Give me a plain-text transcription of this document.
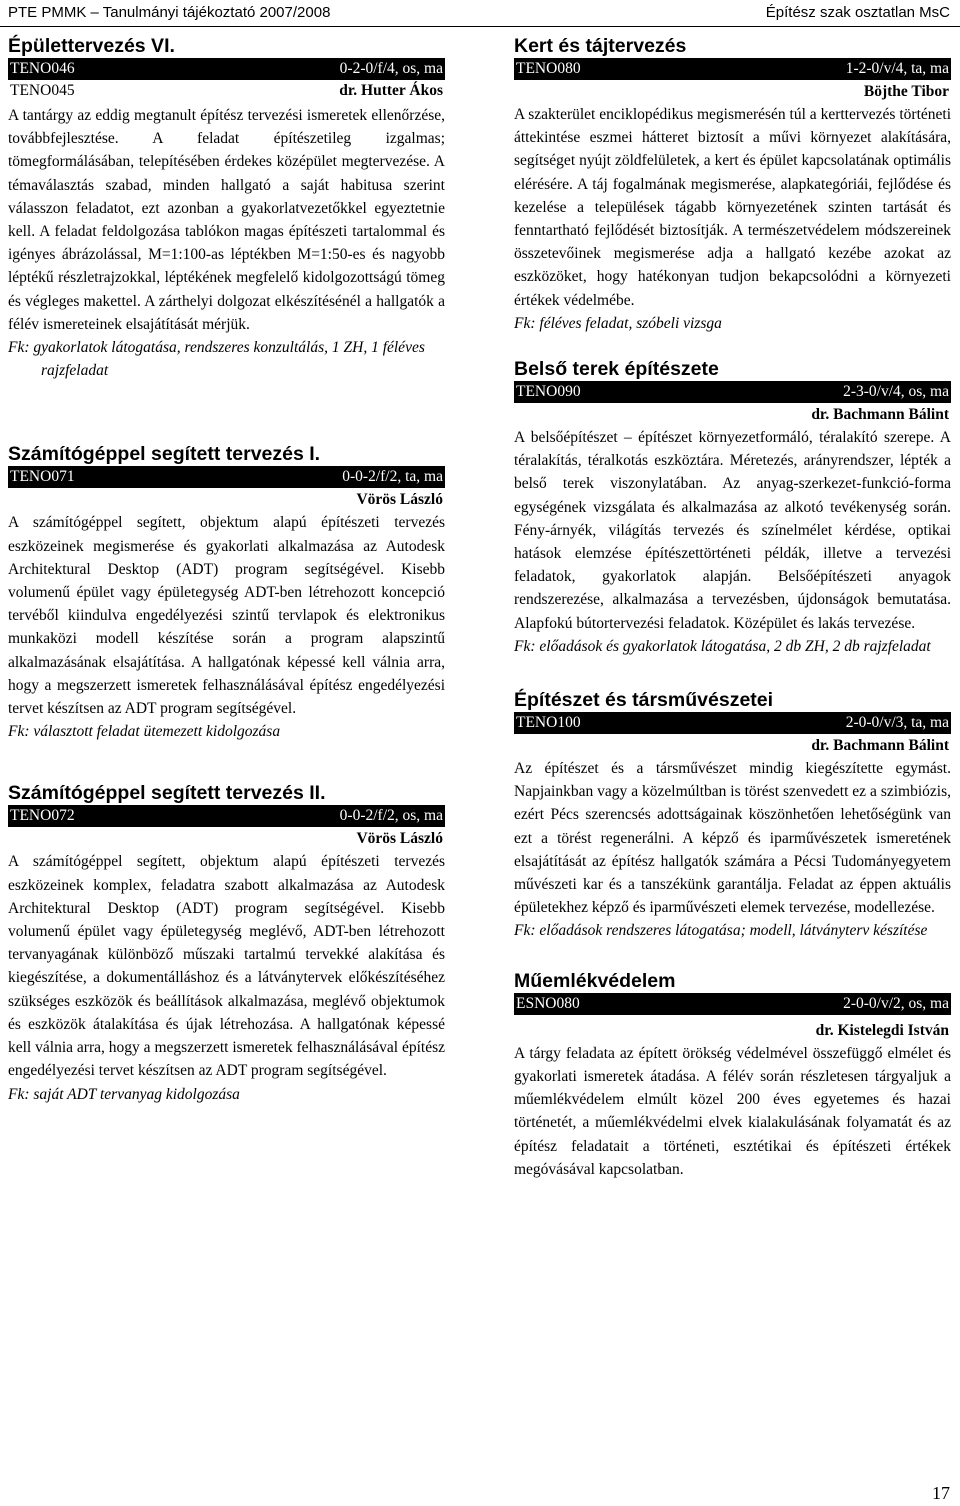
PTE PMMK – Tanulmányi tájékoztató 2007/2008	Építész szak osztatlan MsC
Épülettervezés VI.
TENO046	0-2-0/f/4, os, ma
TENO045	dr. Hutter Ákos

A tantárgy az eddig megtanult építész tervezési ismeretek ellenőrzése, továbbfejlesztése. A feladat építészetileg izgalmas; tömegformálásában, telepítésében érdekes középület megtervezése. A témaválasztás szabad, minden hallgató a saját habitusa szerint válasszon feladatot, ezt azonban a gyakorlatvezetőkkel egyeztetnie kell. A feladat feldolgozása tablókon magas építészeti tartalommal és igényes ábrázolással, M=1:100-as léptékben M=1:50-es és nagyobb léptékű részletrajzokkal, léptékének megfelelő kidolgozottságú tömeg és végleges makettel. A zárthelyi dolgozat elkészítésénél a hallgatók a félév ismereteinek elsajátítását mérjük.

Fk: gyakorlatok látogatása, rendszeres konzultálás, 1 ZH, 1 féléves rajzfeladat

Számítógéppel segített tervezés I.
TENO071	0-0-2/f/2, ta, ma
Vörös László

A számítógéppel segített, objektum alapú építészeti tervezés eszközeinek megismerése és gyakorlati alkalmazása az Autodesk Architektural Desktop (ADT) program segítségével. Kisebb volumenű épület vagy épületegység ADT-ben létrehozott koncepció tervéből kiindulva engedélyezési szintű tervlapok és elektronikus munkaközi modell készítése során a program alapszintű alkalmazásának elsajátítása. A hallgatónak képessé kell válnia arra, hogy a megszerzett ismeretek felhasználásával építész engedélyezési tervet készítsen az ADT program segítségével.

Fk: választott feladat ütemezett kidolgozása

Számítógéppel segített tervezés II.
TENO072	0-0-2/f/2, os, ma
Vörös László

A számítógéppel segített, objektum alapú építészeti tervezés eszközeinek komplex, feladatra szabott alkalmazása az Autodesk Architektural Desktop (ADT) program segítségével. Kisebb volumenű épület vagy épületegység meglévő, ADT-ben létrehozott tervanyagának különböző műszaki tartalmú tervekké alakítása és kiegészítése, a dokumentálláshoz és a látványtervek előkészítéséhez szükséges eszközök és beállítások alkalmazása, meglévő objektumok és eszközök átalakítása és újak létrehozása. A hallgatónak képessé kell válnia arra, hogy a megszerzett ismeretek felhasználásával építész engedélyezési tervet készítsen az ADT program segítségével.

Fk: saját ADT tervanyag kidolgozása

Kert és tájtervezés
TENO080	1-2-0/v/4, ta, ma
Böjthe Tibor

A szakterület enciklopédikus megismerésén túl a kerttervezés történeti áttekintése eszmei hátteret biztosít a művi környezet alakítására, segítséget nyújt zöldfelületek, a kert és épület kapcsolatának optimális elérésére. A táj fogalmának megismerése, alapkategóriái, fejlődése és kezelése a települések tágabb környezetének szinten tartását és fenntartható fejlődését biztosítják. A természetvédelem módszereinek összetevőinek megismerése adja a hallgató kezébe azokat az eszközöket, hogy hatékonyan tudjon bekapcsolódni a környezeti értékek védelmébe.

Fk: féléves feladat, szóbeli vizsga

Belső terek építészete
TENO090	2-3-0/v/4, os, ma
dr. Bachmann Bálint

A belsőépítészet – építészet környezetformáló, téralakító szerepe. A téralakítás, téralkotás eszköztára. Méretezés, arányrendszer, lépték a belső terek viszonylatában. Az anyag-szerkezet-funkció-forma egységének vizsgálata és alkalmazása az alkotó tevékenység során. Fény-árnyék, világítás tervezés és színelmélet kérdése, optikai hatások elemzése építészettörténeti példák, illetve a tervezési feladatok, gyakorlatok alapján. Belsőépítészeti anyagok rendszerezése, alkalmazása a tervezésben, újdonságok bemutatása. Alapfokú bútortervezési feladatok. Középület és lakás tervezése.

Fk: előadások és gyakorlatok látogatása, 2 db ZH, 2 db rajzfeladat

Építészet és társművészetei
TENO100	2-0-0/v/3, ta, ma
dr. Bachmann Bálint

Az építészet és a társművészet mindig kiegészítette egymást. Napjainkban vagy a közelmúltban is törést szenvedett ez a szimbiózis, ezért Pécs szerencsés adottságainak köszönhetően lehetőségünk van ezt a törést regenerálni. A képző és iparművészetek ismeretének elsajátítását az építész hallgatók számára a Pécsi Tudományegyetem művészeti kar és a tanszékünk garantálja. Feladat az éppen aktuális épületekhez képző és iparművészeti elemek tervezése, modellezése.

Fk: előadások rendszeres látogatása; modell, látványterv készítése

Műemlékvédelem
ESNO080	2-0-0/v/2, os, ma
dr. Kistelegdi István

A tárgy feladata az épített örökség védelmével összefüggő elmélet és gyakorlati ismeretek átadása. A félév során részletesen tárgyaljuk a műemlékvédelem elmúlt közel 200 éves egyetemes és hazai történetét, a műemlékvédelmi elvek kialakulásának folyamatát és az építész feladatait a történeti, esztétikai és építészeti értékek megóvásával kapcsolatban.

17
